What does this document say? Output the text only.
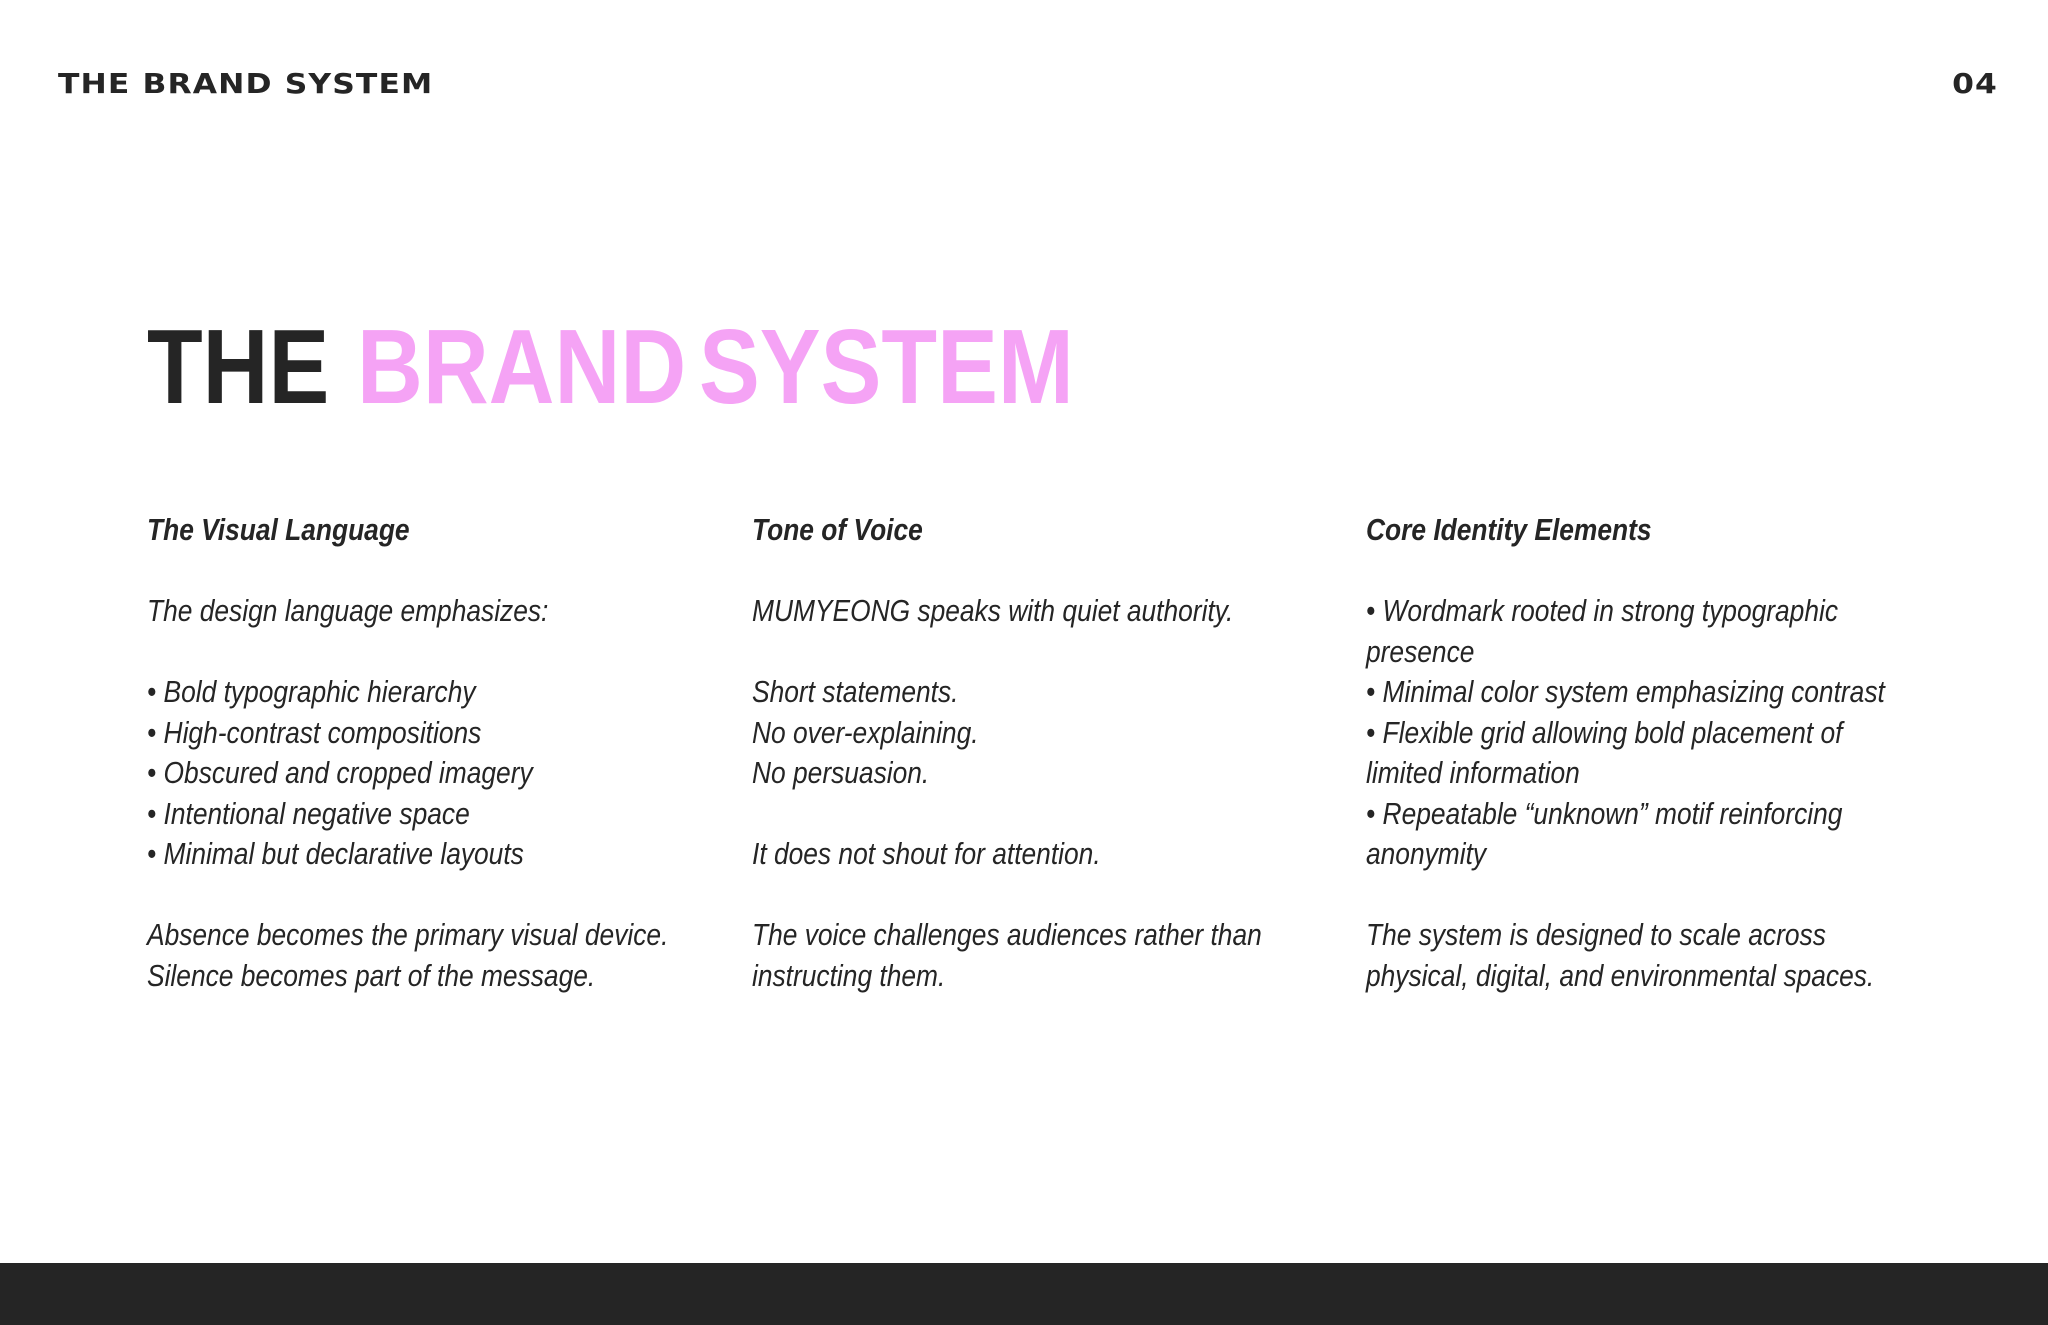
THE BRAND SYSTEM	04
THE BRAND SYSTEM
The Visual Language
The design language emphasizes:
• Bold typographic hierarchy
• High-contrast compositions
• Obscured and cropped imagery
• Intentional negative space
• Minimal but declarative layouts
Absence becomes the primary visual device.
Silence becomes part of the message.
Tone of Voice
MUMYEONG speaks with quiet authority.
Short statements.
No over-explaining.
No persuasion.
It does not shout for attention.
The voice challenges audiences rather than
instructing them.
Core Identity Elements
• Wordmark rooted in strong typographic
presence
• Minimal color system emphasizing contrast
• Flexible grid allowing bold placement of
limited information
• Repeatable “unknown” motif reinforcing
anonymity
The system is designed to scale across
physical, digital, and environmental spaces.
